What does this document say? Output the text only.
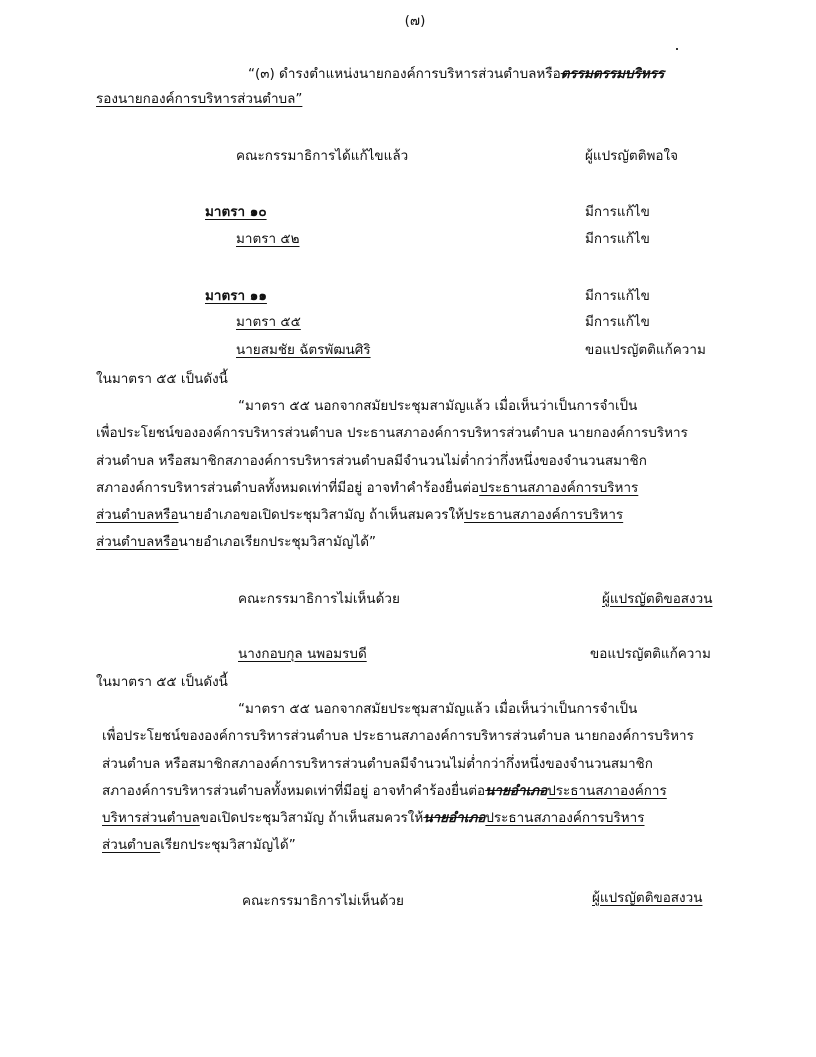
(๗)
“(๓) ดำรงตำแหน่งนายกองค์การบริหารส่วนตำบลหรือตรรมตรรมบริหรร
รองนายกองค์การบริหารส่วนตำบล”
คณะกรรมาธิการได้แก้ไขแล้ว	ผู้แปรญัตติพอใจ
มาตรา ๑๐	มีการแก้ไข
มาตรา ๕๒	มีการแก้ไข
มาตรา ๑๑	มีการแก้ไข
มาตรา ๕๕	มีการแก้ไข
นายสมชัย ฉัตรพัฒนศิริ	ขอแปรญัตติแก้ความ
ในมาตรา ๕๕ เป็นดังนี้
“มาตรา ๕๕ นอกจากสมัยประชุมสามัญแล้ว เมื่อเห็นว่าเป็นการจำเป็น
เพื่อประโยชน์ขององค์การบริหารส่วนตำบล ประธานสภาองค์การบริหารส่วนตำบล นายกองค์การบริหาร
ส่วนตำบล หรือสมาชิกสภาองค์การบริหารส่วนตำบลมีจำนวนไม่ต่ำกว่ากึ่งหนึ่งของจำนวนสมาชิก
สภาองค์การบริหารส่วนตำบลทั้งหมดเท่าที่มีอยู่ อาจทำคำร้องยื่นต่อประธานสภาองค์การบริหาร
ส่วนตำบลหรือนายอำเภอขอเปิดประชุมวิสามัญ ถ้าเห็นสมควรให้ประธานสภาองค์การบริหาร
ส่วนตำบลหรือนายอำเภอเรียกประชุมวิสามัญได้”
คณะกรรมาธิการไม่เห็นด้วย	ผู้แปรญัตติขอสงวน
นางกอบกุล นพอมรบดี	ขอแปรญัตติแก้ความ
ในมาตรา ๕๕ เป็นดังนี้
“มาตรา ๕๕ นอกจากสมัยประชุมสามัญแล้ว เมื่อเห็นว่าเป็นการจำเป็น
เพื่อประโยชน์ขององค์การบริหารส่วนตำบล ประธานสภาองค์การบริหารส่วนตำบล นายกองค์การบริหาร
ส่วนตำบล หรือสมาชิกสภาองค์การบริหารส่วนตำบลมีจำนวนไม่ต่ำกว่ากึ่งหนึ่งของจำนวนสมาชิก
สภาองค์การบริหารส่วนตำบลทั้งหมดเท่าที่มีอยู่ อาจทำคำร้องยื่นต่อนายอำเภอประธานสภาองค์การ
บริหารส่วนตำบลขอเปิดประชุมวิสามัญ ถ้าเห็นสมควรให้นายอำเภอประธานสภาองค์การบริหาร
ส่วนตำบลเรียกประชุมวิสามัญได้”
คณะกรรมาธิการไม่เห็นด้วย	ผู้แปรญัตติขอสงวน
